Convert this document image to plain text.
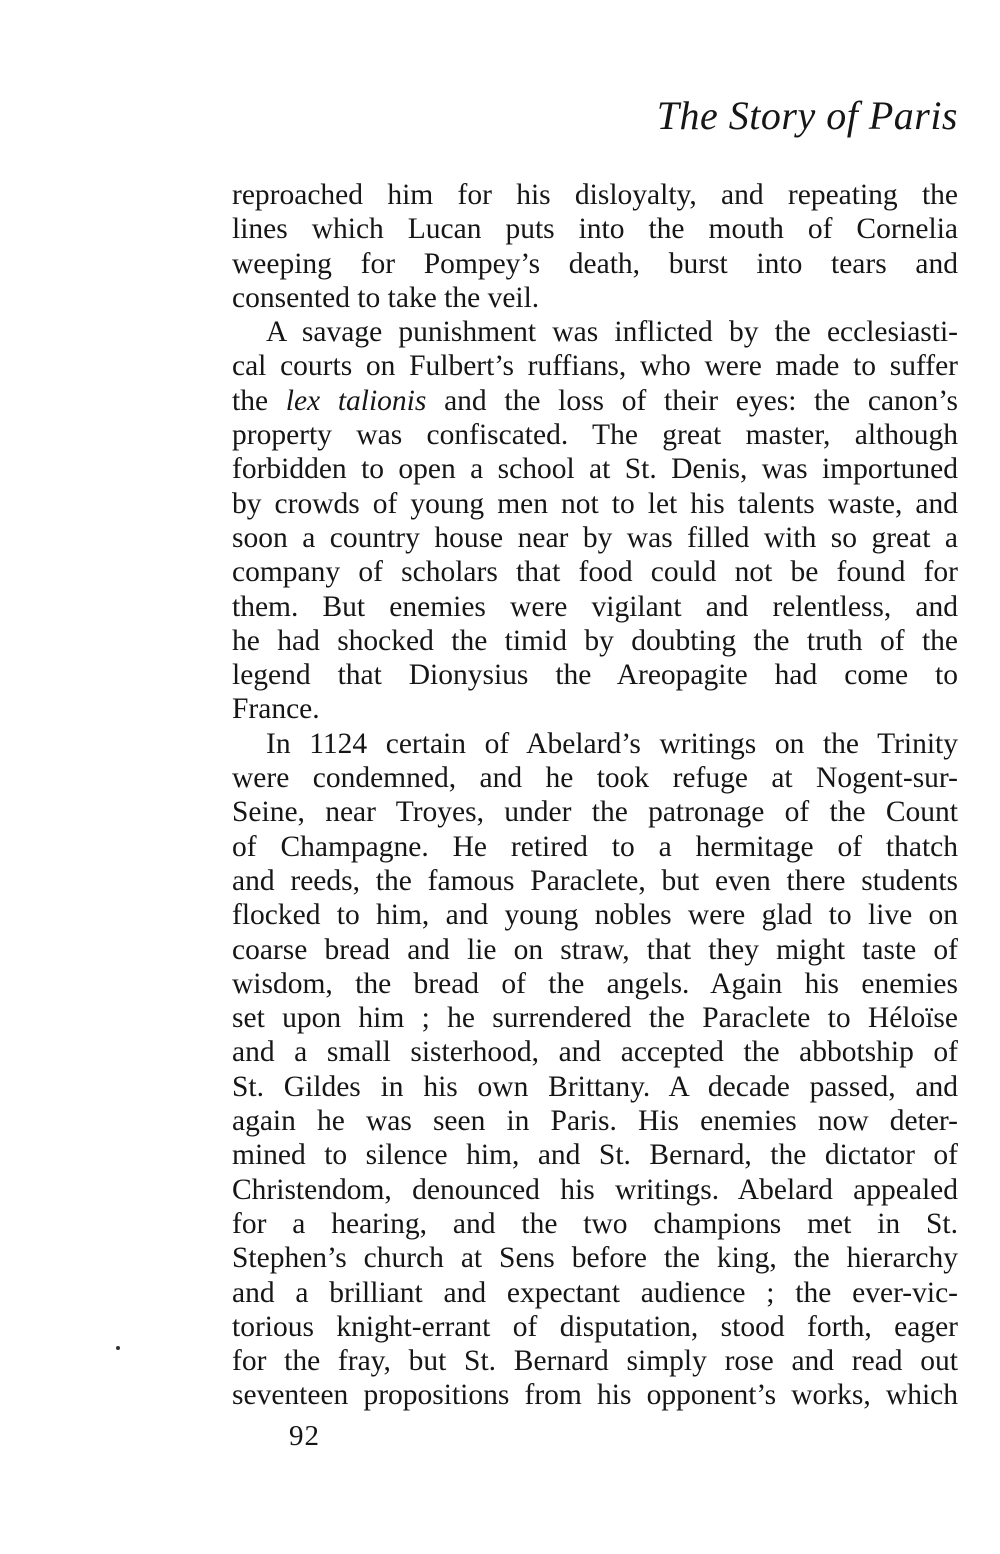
The Story of Paris
reproached him for his disloyalty, and repeating the
lines which Lucan puts into the mouth of Cornelia
weeping for Pompey’s death, burst into tears and
consented to take the veil.
A savage punishment was inflicted by the ecclesiasti-
cal courts on Fulbert’s ruffians, who were made to suffer
the lex talionis and the loss of their eyes: the canon’s
property was confiscated. The great master, although
forbidden to open a school at St. Denis, was importuned
by crowds of young men not to let his talents waste, and
soon a country house near by was filled with so great a
company of scholars that food could not be found for
them. But enemies were vigilant and relentless, and
he had shocked the timid by doubting the truth of the
legend that Dionysius the Areopagite had come to
France.
In 1124 certain of Abelard’s writings on the Trinity
were condemned, and he took refuge at Nogent-sur-
Seine, near Troyes, under the patronage of the Count
of Champagne. He retired to a hermitage of thatch
and reeds, the famous Paraclete, but even there students
flocked to him, and young nobles were glad to live on
coarse bread and lie on straw, that they might taste of
wisdom, the bread of the angels. Again his enemies
set upon him ; he surrendered the Paraclete to Héloïse
and a small sisterhood, and accepted the abbotship of
St. Gildes in his own Brittany. A decade passed, and
again he was seen in Paris. His enemies now deter-
mined to silence him, and St. Bernard, the dictator of
Christendom, denounced his writings. Abelard appealed
for a hearing, and the two champions met in St.
Stephen’s church at Sens before the king, the hierarchy
and a brilliant and expectant audience ; the ever-vic-
torious knight-errant of disputation, stood forth, eager
for the fray, but St. Bernard simply rose and read out
seventeen propositions from his opponent’s works, which
92
